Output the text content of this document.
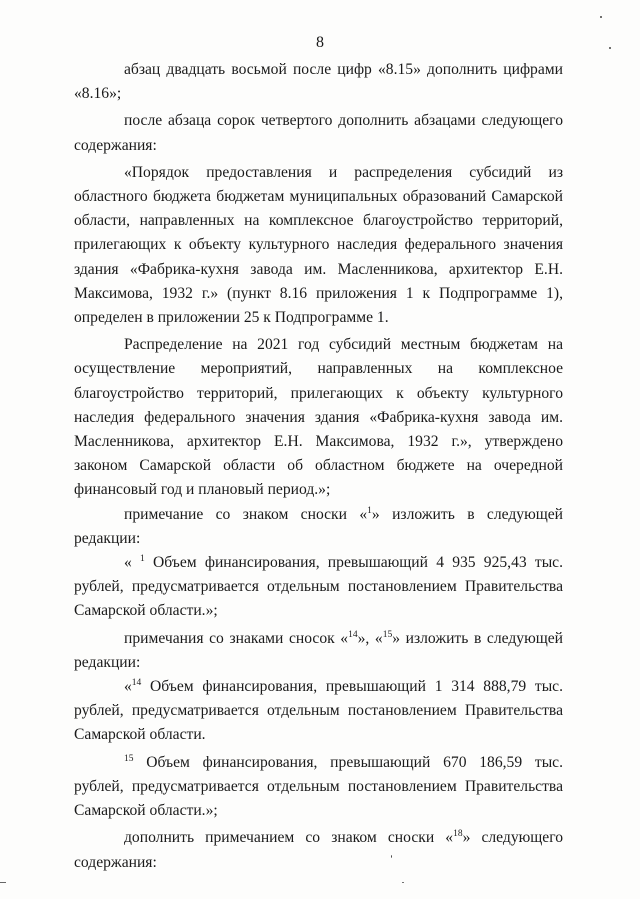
8

абзац двадцать восьмой после цифр «8.15» дополнить цифрами «8.16»;

после абзаца сорок четвертого дополнить абзацами следующего содержания:

«Порядок предоставления и распределения субсидий из областного бюджета бюджетам муниципальных образований Самарской области, направленных на комплексное благоустройство территорий, прилегающих к объекту культурного наследия федерального значения здания «Фабрика-кухня завода им. Масленникова, архитектор Е.Н. Максимова, 1932 г.» (пункт 8.16 приложения 1 к Подпрограмме 1), определен в приложении 25 к Подпрограмме 1.

Распределение на 2021 год субсидий местным бюджетам на осуществление мероприятий, направленных на комплексное благоустройство территорий, прилегающих к объекту культурного наследия федерального значения здания «Фабрика-кухня завода им. Масленникова, архитектор Е.Н. Максимова, 1932 г.», утверждено законом Самарской области об областном бюджете на очередной финансовый год и плановый период.»;

примечание со знаком сноски «$^1$» изложить в следующей редакции:

« $^1$ Объем финансирования, превышающий 4 935 925,43 тыс. рублей, предусматривается отдельным постановлением Правительства Самарской области.»;

примечания со знаками сносок «$^{14}$», «$^{15}$» изложить в следующей редакции:

«$^{14}$ Объем финансирования, превышающий 1 314 888,79 тыс. рублей, предусматривается отдельным постановлением Правительства Самарской области.

$^{15}$ Объем финансирования, превышающий 670 186,59 тыс. рублей, предусматривается отдельным постановлением Правительства Самарской области.»;

дополнить примечанием со знаком сноски «$^{18}$» следующего содержания:
